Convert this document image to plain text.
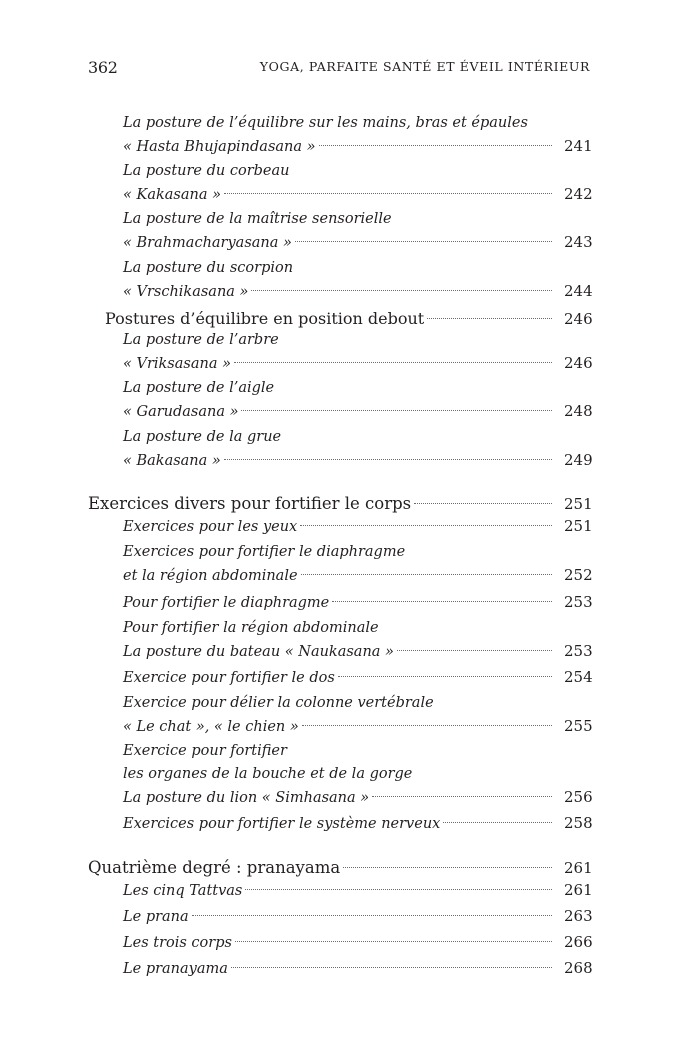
362	YOGA, PARFAITE SANTÉ ET ÉVEIL INTÉRIEUR
La posture de l’équilibre sur les mains, bras et épaules
« Hasta Bhujapindasana »	241
La posture du corbeau
« Kakasana »	242
La posture de la maîtrise sensorielle
« Brahmacharyasana »	243
La posture du scorpion
« Vrschikasana »	244
Postures d’équilibre en position debout	246
La posture de l’arbre
« Vriksasana »	246
La posture de l’aigle
« Garudasana »	248
La posture de la grue
« Bakasana »	249
Exercices divers pour fortifier le corps	251
Exercices pour les yeux	251
Exercices pour fortifier le diaphragme
et la région abdominale	252
Pour fortifier le diaphragme	253
Pour fortifier la région abdominale
La posture du bateau « Naukasana »	253
Exercice pour fortifier le dos	254
Exercice pour délier la colonne vertébrale
« Le chat », « le chien »	255
Exercice pour fortifier
les organes de la bouche et de la gorge
La posture du lion « Simhasana »	256
Exercices pour fortifier le système nerveux	258
Quatrième degré : pranayama	261
Les cinq Tattvas	261
Le prana	263
Les trois corps	266
Le pranayama	268
